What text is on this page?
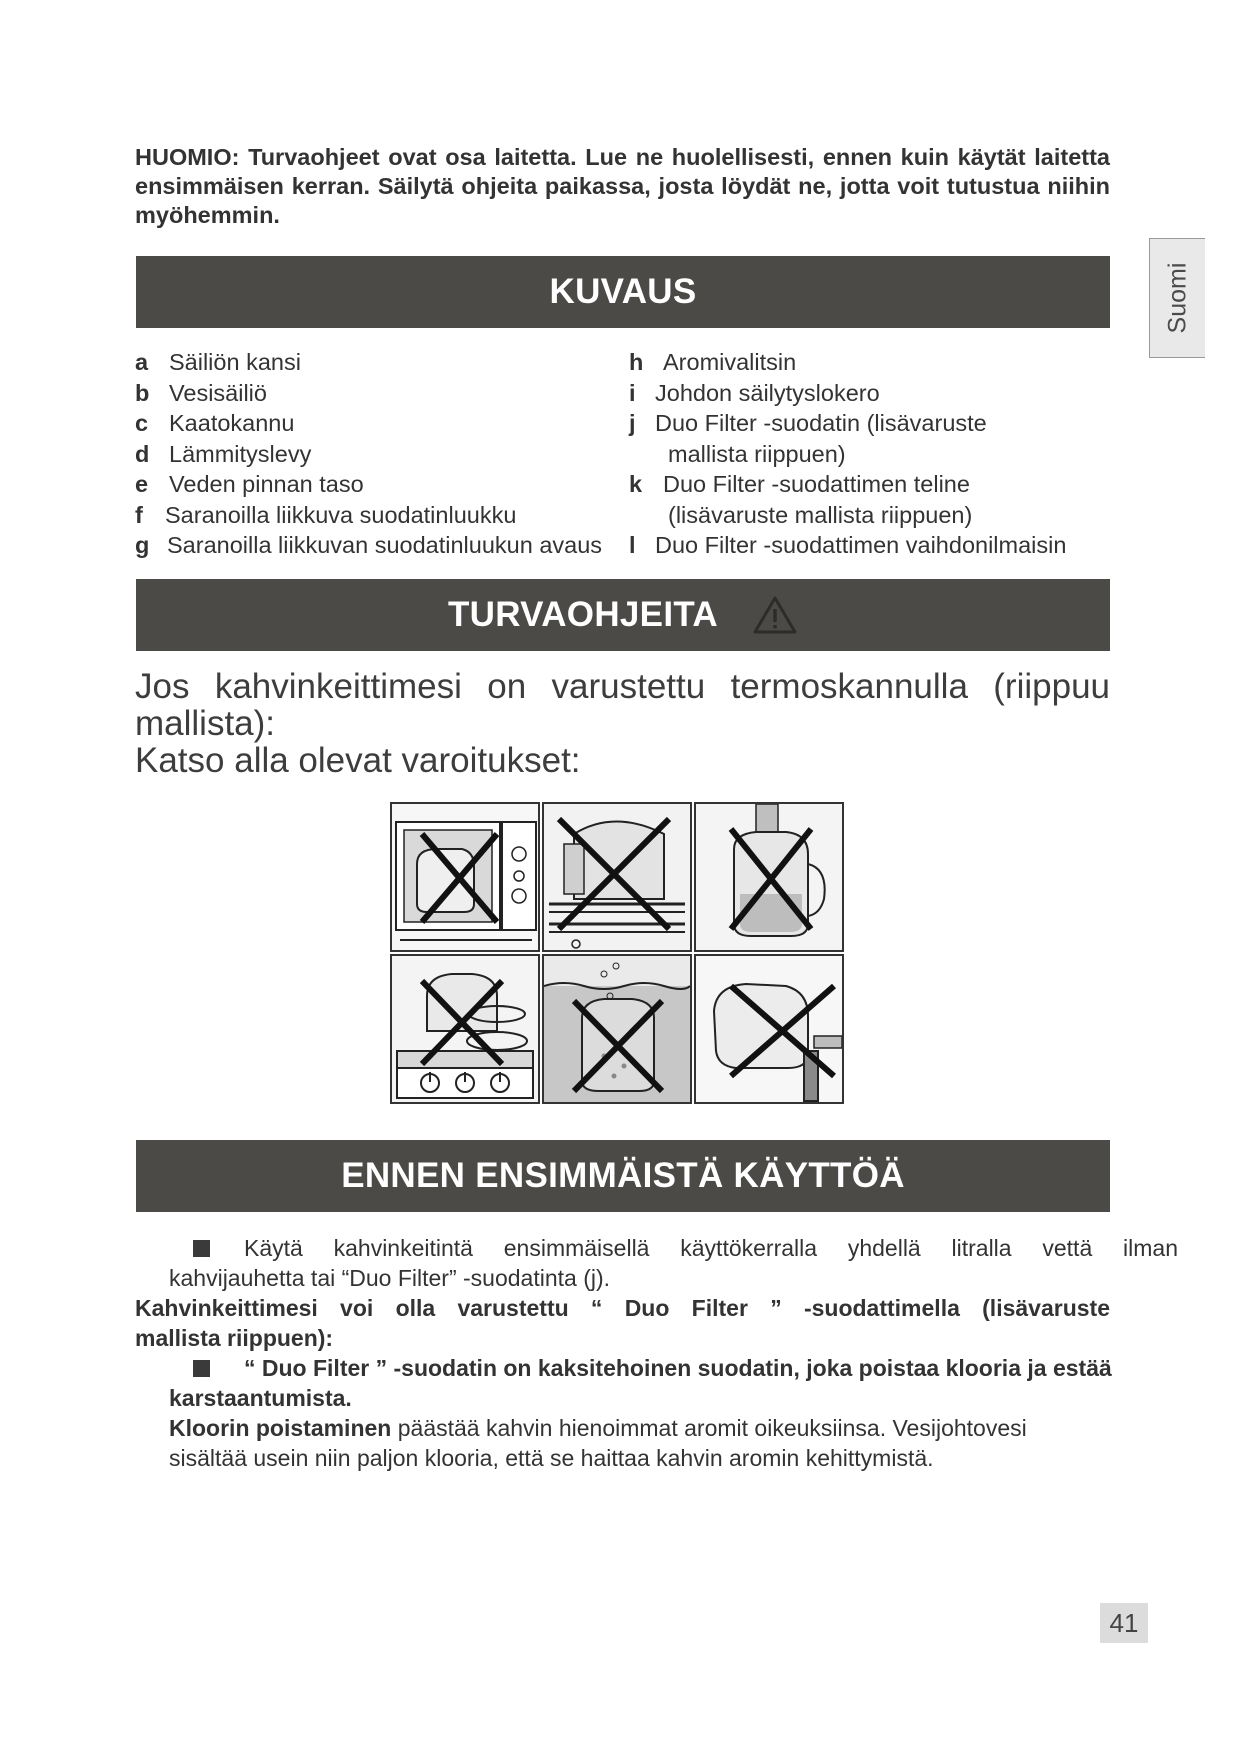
HUOMIO: Turvaohjeet ovat osa laitetta. Lue ne huolellisesti, ennen kuin käytät laitetta ensimmäisen kerran. Säilytä ohjeita paikassa, josta löydät ne, jotta voit tutustua niihin myöhemmin.
Suomi
KUVAUS
a Säiliön kansi
b Vesisäiliö
c Kaatokannu
d Lämmityslevy
e Veden pinnan taso
f Saranoilla liikkuva suodatinluukku
g Saranoilla liikkuvan suodatinluukun avaus
h Aromivalitsin
i Johdon säilytyslokero
j Duo Filter -suodatin (lisävaruste
mallista riippuen)
k Duo Filter -suodattimen teline
(lisävaruste mallista riippuen)
l Duo Filter -suodattimen vaihdonilmaisin
TURVAOHJEITA
Jos kahvinkeittimesi on varustettu termoskannulla (riippuu
mallista):
Katso alla olevat varoitukset:
ENNEN ENSIMMÄISTÄ KÄYTTÖÄ
Käytä kahvinkeitintä ensimmäisellä käyttökerralla yhdellä litralla vettä ilman
kahvijauhetta tai “Duo Filter” -suodatinta (j).
Kahvinkeittimesi voi olla varustettu “ Duo Filter ” -suodattimella (lisävaruste
mallista riippuen):
“ Duo Filter ” -suodatin on kaksitehoinen suodatin, joka poistaa klooria ja estää
karstaantumista.
Kloorin poistaminen päästää kahvin hienoimmat aromit oikeuksiinsa. Vesijohtovesi
sisältää usein niin paljon klooria, että se haittaa kahvin aromin kehittymistä.
41
